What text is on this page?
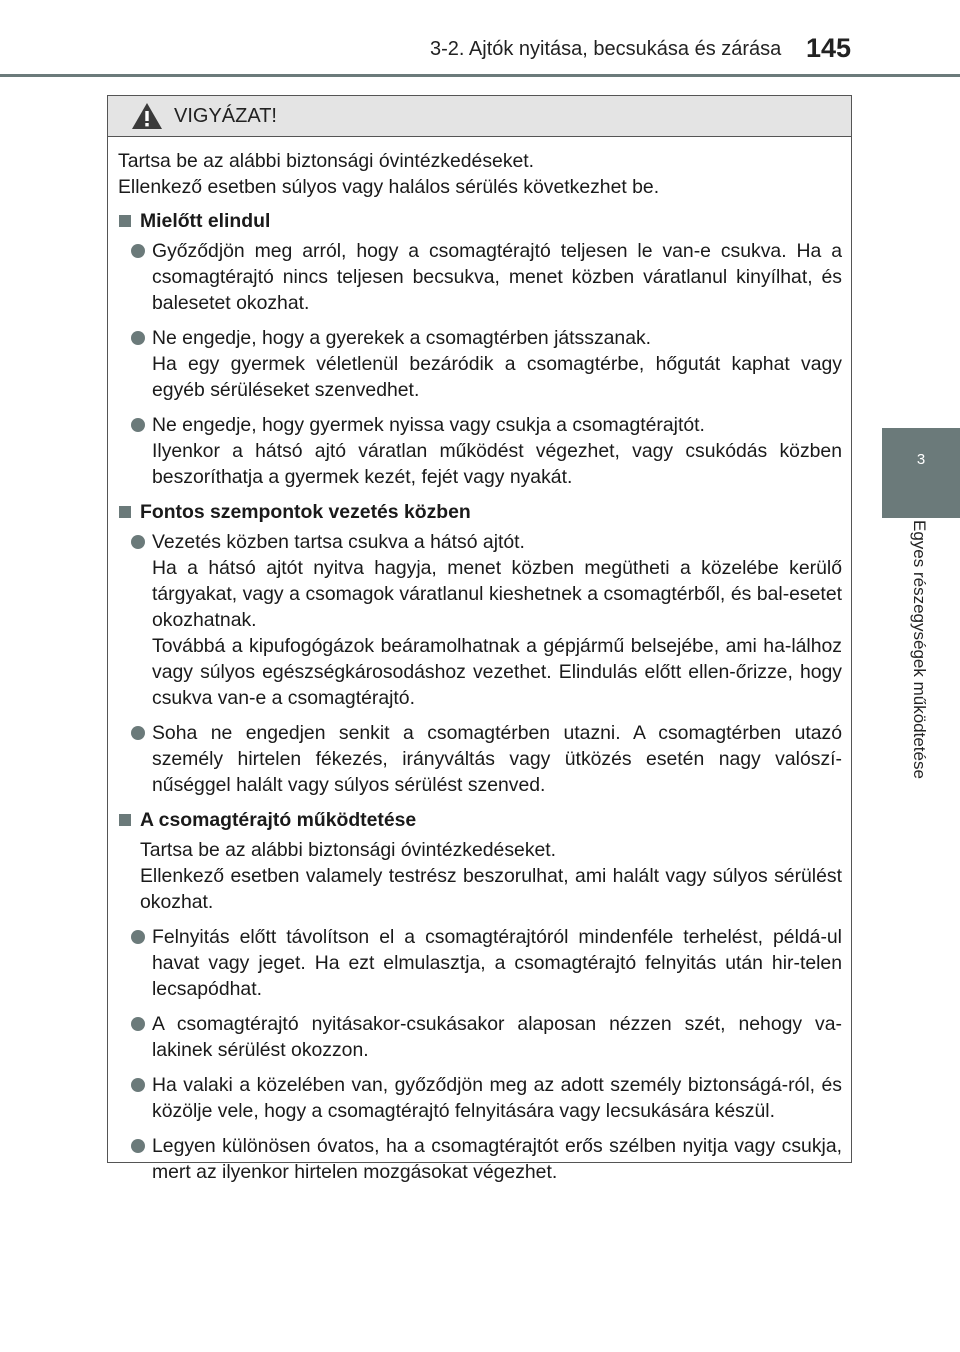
3-2. Ajtók nyitása, becsukása és zárása 145
3
Egyes részegységek működtetése
VIGYÁZAT!
Tartsa be az alábbi biztonsági óvintézkedéseket.
Ellenkező esetben súlyos vagy halálos sérülés következhet be.
Mielőtt elindul
Győződjön meg arról, hogy a csomagtérajtó teljesen le van-e csukva. Ha a csomagtérajtó nincs teljesen becsukva, menet közben váratlanul kinyílhat, és balesetet okozhat.
Ne engedje, hogy a gyerekek a csomagtérben játsszanak.
Ha egy gyermek véletlenül bezáródik a csomagtérbe, hőgutát kaphat vagy egyéb sérüléseket szenvedhet.
Ne engedje, hogy gyermek nyissa vagy csukja a csomagtérajtót.
Ilyenkor a hátsó ajtó váratlan működést végezhet, vagy csukódás közben beszoríthatja a gyermek kezét, fejét vagy nyakát.
Fontos szempontok vezetés közben
Vezetés közben tartsa csukva a hátsó ajtót.
Ha a hátsó ajtót nyitva hagyja, menet közben megütheti a közelébe kerülő tárgyakat, vagy a csomagok váratlanul kieshetnek a csomagtérből, és bal-esetet okozhatnak.
Továbbá a kipufogógázok beáramolhatnak a gépjármű belsejébe, ami ha-lálhoz vagy súlyos egészségkárosodáshoz vezethet. Elindulás előtt ellen-őrizze, hogy csukva van-e a csomagtérajtó.
Soha ne engedjen senkit a csomagtérben utazni. A csomagtérben utazó személy hirtelen fékezés, irányváltás vagy ütközés esetén nagy valószí-nűséggel halált vagy súlyos sérülést szenved.
A csomagtérajtó működtetése
Tartsa be az alábbi biztonsági óvintézkedéseket.
Ellenkező esetben valamely testrész beszorulhat, ami halált vagy súlyos sérülést okozhat.
Felnyitás előtt távolítson el a csomagtérajtóról mindenféle terhelést, példá-ul havat vagy jeget. Ha ezt elmulasztja, a csomagtérajtó felnyitás után hir-telen lecsapódhat.
A csomagtérajtó nyitásakor-csukásakor alaposan nézzen szét, nehogy va-lakinek sérülést okozzon.
Ha valaki a közelében van, győződjön meg az adott személy biztonságá-ról, és közölje vele, hogy a csomagtérajtó felnyitására vagy lecsukására készül.
Legyen különösen óvatos, ha a csomagtérajtót erős szélben nyitja vagy csukja, mert az ilyenkor hirtelen mozgásokat végezhet.
